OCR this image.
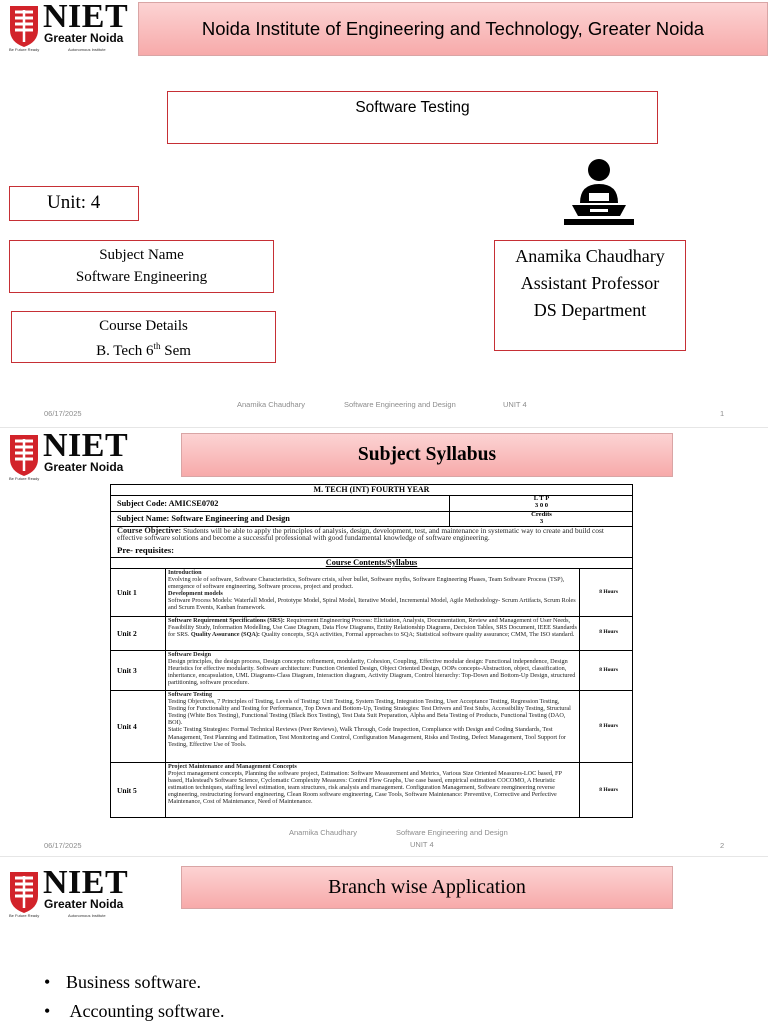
NIET
Greater Noida
Be Future Ready	Autonomous Institute
Noida Institute of Engineering and Technology, Greater Noida
Software Testing
Unit: 4
Subject Name
Software Engineering
Course Details
B. Tech 6th Sem
Anamika Chaudhary
Assistant Professor
DS Department
06/17/2025
Anamika Chaudhary	Software Engineering and Design	UNIT 4
1
NIET
Greater Noida
Be Future Ready
Subject Syllabus
M. TECH (INT) FOURTH YEAR
Subject Code: AMICSE0702
L T P
3 0 0
Subject Name: Software Engineering and Design	Credits
3
Course Objective: Students will be able to apply the principles of analysis, design, development, test, and maintenance in systematic way to create and build cost effective software solutions and become a successful professional with good fundamental knowledge of software engineering.
Pre- requisites:
Course Contents/Syllabus
Unit 1
Introduction
Evolving role of software, Software Characteristics, Software crisis, silver bullet, Software myths, Software Engineering Phases, Team Software Process (TSP), emergence of software engineering, Software process, project and product.
Development models
Software Process Models: Waterfall Model, Prototype Model, Spiral Model, Iterative Model, Incremental Model, Agile Methodology- Scrum Artifacts, Scrum Roles and Scrum Events, Kanban framework.
8 Hours
Unit 2
Software Requirement Specifications (SRS): Requirement Engineering Process: Elicitation, Analysis, Documentation, Review and Management of User Needs, Feasibility Study, Information Modelling, Use Case Diagram, Data Flow Diagrams, Entity Relationship Diagrams, Decision Tables, SRS Document, IEEE Standards for SRS. Quality Assurance (SQA): Quality concepts, SQA activities, Formal approaches to SQA; Statistical software quality assurance; CMM, The ISO standard.	8 Hours
Unit 3
Software Design
Design principles, the design process, Design concepts: refinement, modularity, Cohesion, Coupling, Effective modular design: Functional independence, Design Heuristics for effective modularity. Software architecture: Function Oriented Design, Object Oriented Design, OOPs concepts-Abstraction, object, classification, inheritance, encapsulation, UML Diagrams-Class Diagram, Interaction diagram, Activity Diagram, Control hierarchy: Top-Down and Bottom-Up Design, structured partitioning, software procedure.
8 Hours
Unit 4
Software Testing
Testing Objectives, 7 Principles of Testing, Levels of Testing: Unit Testing, System Testing, Integration Testing, User Acceptance Testing, Regression Testing, Testing for Functionality and Testing for Performance, Top Down and Bottom-Up, Testing Strategies: Test Drivers and Test Stubs, Accessibility Testing, Structural Testing (White Box Testing), Functional Testing (Black Box Testing), Test Data Suit Preparation, Alpha and Beta Testing of Products, Functional Testing (DAO, BOI).
Static Testing Strategies: Formal Technical Reviews (Peer Reviews), Walk Through, Code Inspection, Compliance with Design and Coding Standards, Test Management, Test Planning and Estimation, Test Monitoring and Control, Configuration Management, Risks and Testing, Defect Management, Tool Support for Testing, Effective Use of Tools.
8 Hours
Unit 5
Project Maintenance and Management Concepts
Project management concepts, Planning the software project, Estimation: Software Measurement and Metrics, Various Size Oriented Measures-LOC based, FP based, Halestead's Software Science, Cyclomatic Complexity Measures: Control Flow Graphs, Use case based, empirical estimation COCOMO, A Heuristic estimation techniques, staffing level estimation, team structures, risk analysis and management. Configuration Management, Software reengineering reverse engineering, restructuring forward engineering, Clean Room software engineering, Case Tools, Software Maintenance: Preventive, Corrective and Perfective Maintenance, Cost of Maintenance, Need of Maintenance.
8 Hours
06/17/2025
Anamika Chaudhary	Software Engineering and Design
UNIT 4	2
NIET
Greater Noida
Be Future Ready	Autonomous Institute
Branch wise Application
• Business software.
• Accounting software.
